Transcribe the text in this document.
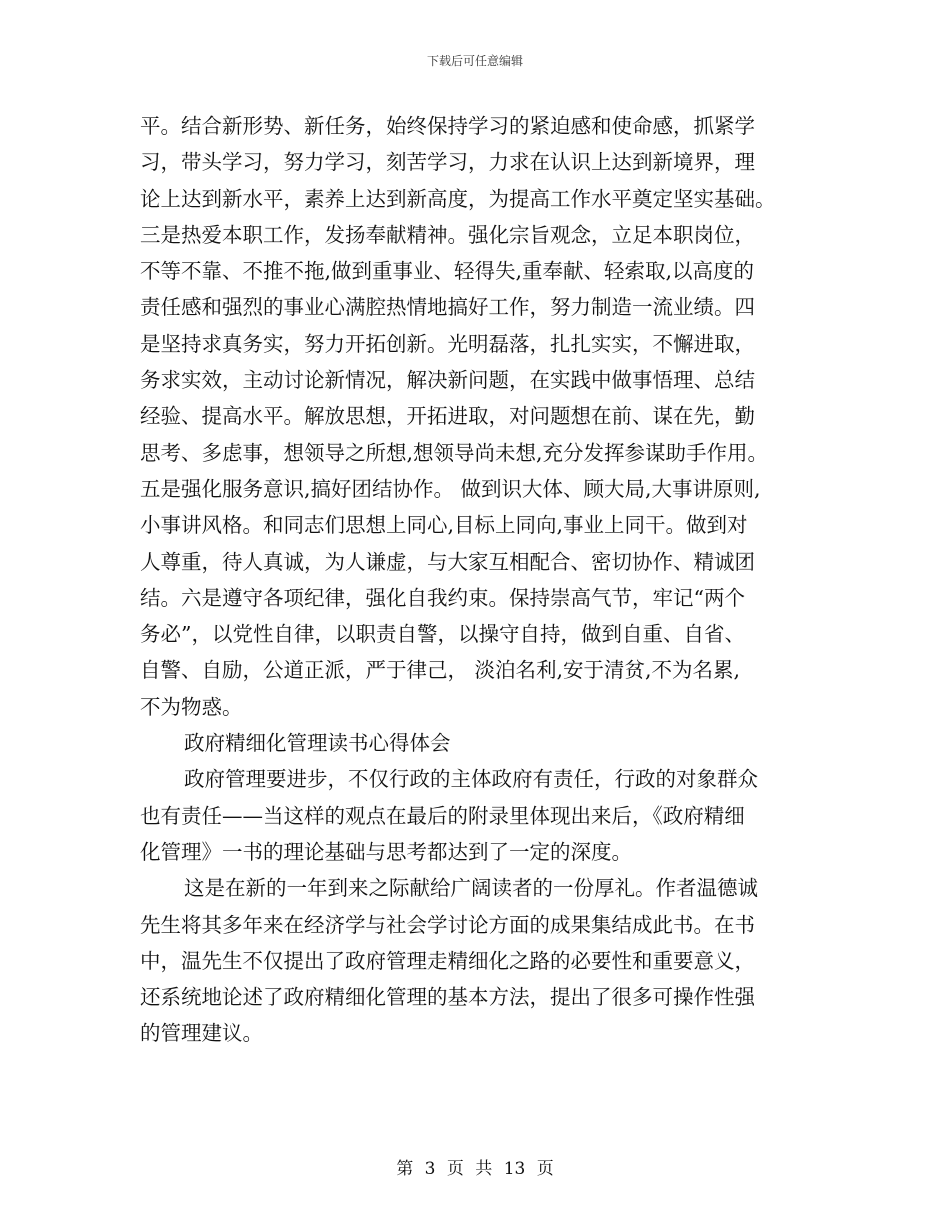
下载后可任意编辑
平。结合新形势、新任务，始终保持学习的紧迫感和使命感，抓紧学
习，带头学习，努力学习，刻苦学习，力求在认识上达到新境界，理
论上达到新水平，素养上达到新高度，为提高工作水平奠定坚实基础。
三是热爱本职工作，发扬奉献精神。强化宗旨观念，立足本职岗位，
不等不靠、不推不拖,做到重事业、轻得失,重奉献、轻索取,以高度的
责任感和强烈的事业心满腔热情地搞好工作，努力制造一流业绩。四
是坚持求真务实，努力开拓创新。光明磊落，扎扎实实，不懈进取，
务求实效，主动讨论新情况，解决新问题，在实践中做事悟理、总结
经验、提高水平。解放思想，开拓进取，对问题想在前、谋在先，勤
思考、多虑事，想领导之所想,想领导尚未想,充分发挥参谋助手作用。
五是强化服务意识,搞好团结协作。 做到识大体、顾大局,大事讲原则,
小事讲风格。和同志们思想上同心,目标上同向,事业上同干。做到对
人尊重，待人真诚，为人谦虚，与大家互相配合、密切协作、精诚团
结。六是遵守各项纪律，强化自我约束。保持崇高气节，牢记“两个
务必”，以党性自律，以职责自警，以操守自持，做到自重、自省、
自警、自励，公道正派，严于律己， 淡泊名利,安于清贫,不为名累,
不为物惑。
政府精细化管理读书心得体会
政府管理要进步，不仅行政的主体政府有责任，行政的对象群众
也有责任——当这样的观点在最后的附录里体现出来后，《政府精细
化管理》一书的理论基础与思考都达到了一定的深度。
这是在新的一年到来之际献给广阔读者的一份厚礼。作者温德诚
先生将其多年来在经济学与社会学讨论方面的成果集结成此书。在书
中，温先生不仅提出了政府管理走精细化之路的必要性和重要意义，
还系统地论述了政府精细化管理的基本方法，提出了很多可操作性强
的管理建议。
第 3 页 共 13 页
